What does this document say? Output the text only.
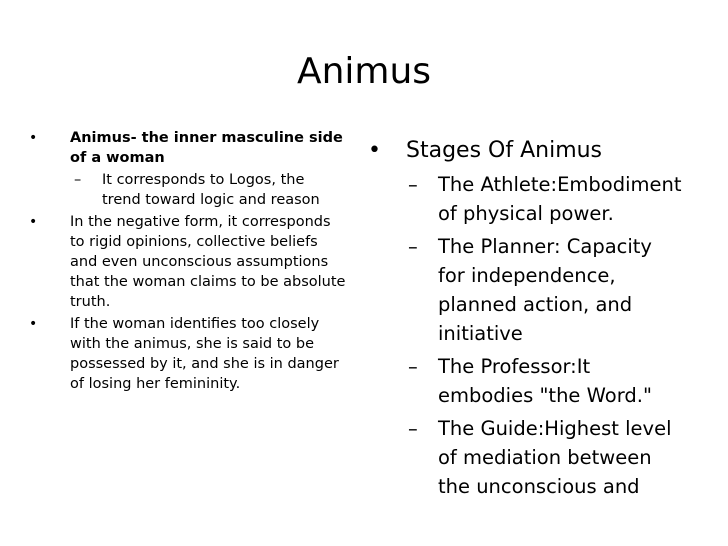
Animus
• Animus- the inner masculine side of a woman
– It corresponds to Logos, the trend toward logic and reason
• In the negative form, it corresponds to rigid opinions, collective beliefs and even unconscious assumptions that the woman claims to be absolute truth.
• If the woman identifies too closely with the animus, she is said to be possessed by it, and she is in danger of losing her femininity.
• Stages Of Animus
– The Athlete:Embodiment of physical power.
– The Planner: Capacity for independence, planned action, and initiative
– The Professor:It embodies "the Word."
– The Guide:Highest level of mediation between the unconscious and
